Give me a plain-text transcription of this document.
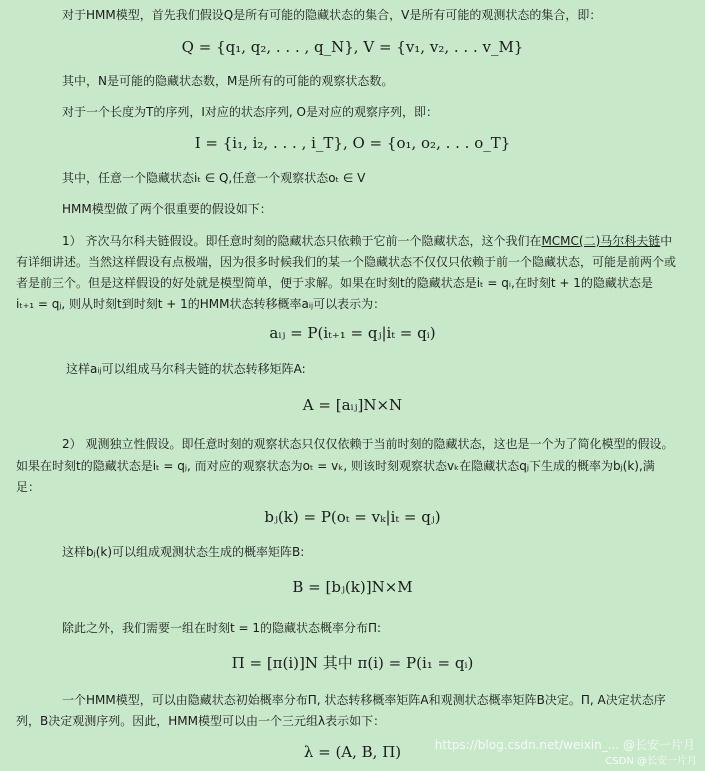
对于HMM模型，首先我们假设Q是所有可能的隐藏状态的集合，V是所有可能的观测状态的集合，即：

Q = {q₁, q₂, . . . , q_N}, V = {v₁, v₂, . . . v_M}

其中，N是可能的隐藏状态数，M是所有的可能的观察状态数。

对于一个长度为T的序列，I对应的状态序列, O是对应的观察序列，即：

I = {i₁, i₂, . . . , i_T}, O = {o₁, o₂, . . . o_T}

其中，任意一个隐藏状态iₜ ∈ Q,任意一个观察状态oₜ ∈ V

HMM模型做了两个很重要的假设如下：

1） 齐次马尔科夫链假设。即任意时刻的隐藏状态只依赖于它前一个隐藏状态，这个我们在MCMC(二)马尔科夫链中

有详细讲述。当然这样假设有点极端，因为很多时候我们的某一个隐藏状态不仅仅只依赖于前一个隐藏状态，可能是前两个或

者是前三个。但是这样假设的好处就是模型简单，便于求解。如果在时刻t的隐藏状态是iₜ = qᵢ,在时刻t + 1的隐藏状态是

iₜ₊₁ = qⱼ, 则从时刻t到时刻t + 1的HMM状态转移概率aᵢⱼ可以表示为：

aᵢⱼ = P(iₜ₊₁ = qⱼ|iₜ = qᵢ)

这样aᵢⱼ可以组成马尔科夫链的状态转移矩阵A:

A = [aᵢⱼ]N×N

2） 观测独立性假设。即任意时刻的观察状态只仅仅依赖于当前时刻的隐藏状态，这也是一个为了简化模型的假设。

如果在时刻t的隐藏状态是iₜ = qⱼ, 而对应的观察状态为oₜ = vₖ, 则该时刻观察状态vₖ在隐藏状态qⱼ下生成的概率为bⱼ(k),满

足：

bⱼ(k) = P(oₜ = vₖ|iₜ = qⱼ)

这样bⱼ(k)可以组成观测状态生成的概率矩阵B:

B = [bⱼ(k)]N×M

除此之外，我们需要一组在时刻t = 1的隐藏状态概率分布Π:

Π = [π(i)]N 其中 π(i) = P(i₁ = qᵢ)

一个HMM模型，可以由隐藏状态初始概率分布Π, 状态转移概率矩阵A和观测状态概率矩阵B决定。Π, A决定状态序

列，B决定观测序列。因此，HMM模型可以由一个三元组λ表示如下：

λ = (A, B, Π)	https://blog.csdn.net/weixin_... @长安一片月
CSDN @长安一片月
